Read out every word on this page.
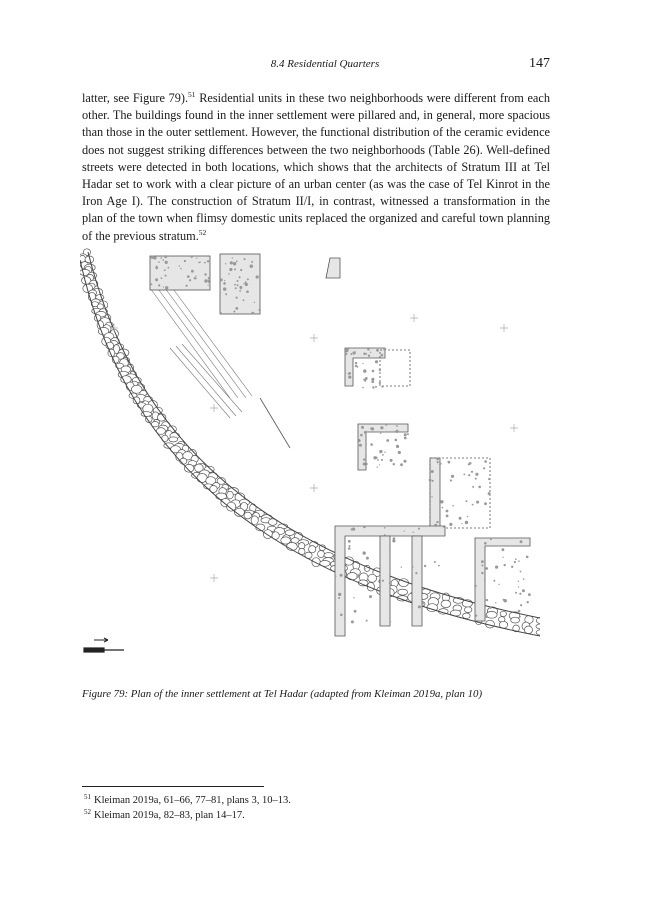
8.4 Residential Quarters	147
latter, see Figure 79).$^{51}$ Residential units in these two neighborhoods were different from each other. The buildings found in the inner settlement were pillared and, in general, more spacious than those in the outer settlement. However, the functional distribution of the ceramic evidence does not suggest striking differences between the two neighborhoods (Table 26). Well-defined streets were detected in both locations, which shows that the architects of Stratum III at Tel Hadar set to work with a clear picture of an urban center (as was the case of Tel Kinrot in the Iron Age I). The construction of Stratum II/I, in contrast, witnessed a transformation in the plan of the town when flimsy domestic units replaced the organized and careful town planning of the previous stratum.$^{52}$
Figure 79: Plan of the inner settlement at Tel Hadar (adapted from Kleiman 2019a, plan 10)
$^{51}$ Kleiman 2019a, 61–66, 77–81, plans 3, 10–13.
$^{52}$ Kleiman 2019a, 82–83, plan 14–17.
